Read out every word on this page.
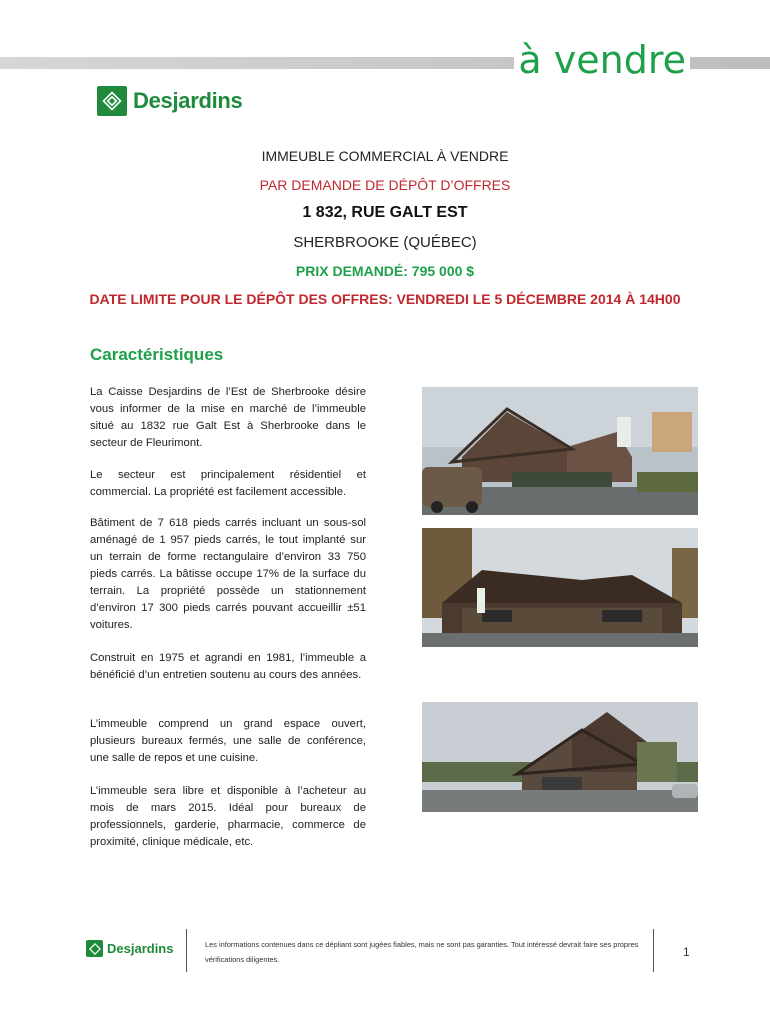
à vendre
Desjardins
IMMEUBLE COMMERCIAL À VENDRE
PAR DEMANDE DE DÉPÔT D’OFFRES
1 832, RUE GALT EST
SHERBROOKE (QUÉBEC)
PRIX DEMANDÉ: 795 000 $
DATE LIMITE POUR LE DÉPÔT DES OFFRES: VENDREDI LE 5 DÉCEMBRE 2014 À 14H00
Caractéristiques

La Caisse Desjardins de l’Est de Sherbrooke désire vous informer de la mise en marché de l’immeuble situé au 1832 rue Galt Est à Sherbrooke dans le secteur de Fleurimont.

Le secteur est principalement résidentiel et commercial. La propriété est facilement accessible.

Bâtiment de 7 618 pieds carrés incluant un sous-sol aménagé de 1 957 pieds carrés, le tout implanté sur un terrain de forme rectangulaire d’environ 33 750 pieds carrés. La bâtisse occupe 17% de la surface du terrain. La propriété possède un stationnement d’environ 17 300 pieds carrés pouvant accueillir ±51 voitures.

Construit en 1975 et agrandi en 1981, l’immeuble a bénéficié d’un entretien soutenu au cours des années.

L’immeuble comprend un grand espace ouvert, plusieurs bureaux fermés, une salle de conférence, une salle de repos et une cuisine.

L’immeuble sera libre et disponible à l’acheteur au mois de mars 2015. Idéal pour bureaux de professionnels, garderie, pharmacie, commerce de proximité, clinique médicale, etc.

Desjardins	Les informations contenues dans ce dépliant sont jugées fiables, mais ne sont pas garanties. Tout intéressé devrait faire ses propres vérifications diligentes.
1
